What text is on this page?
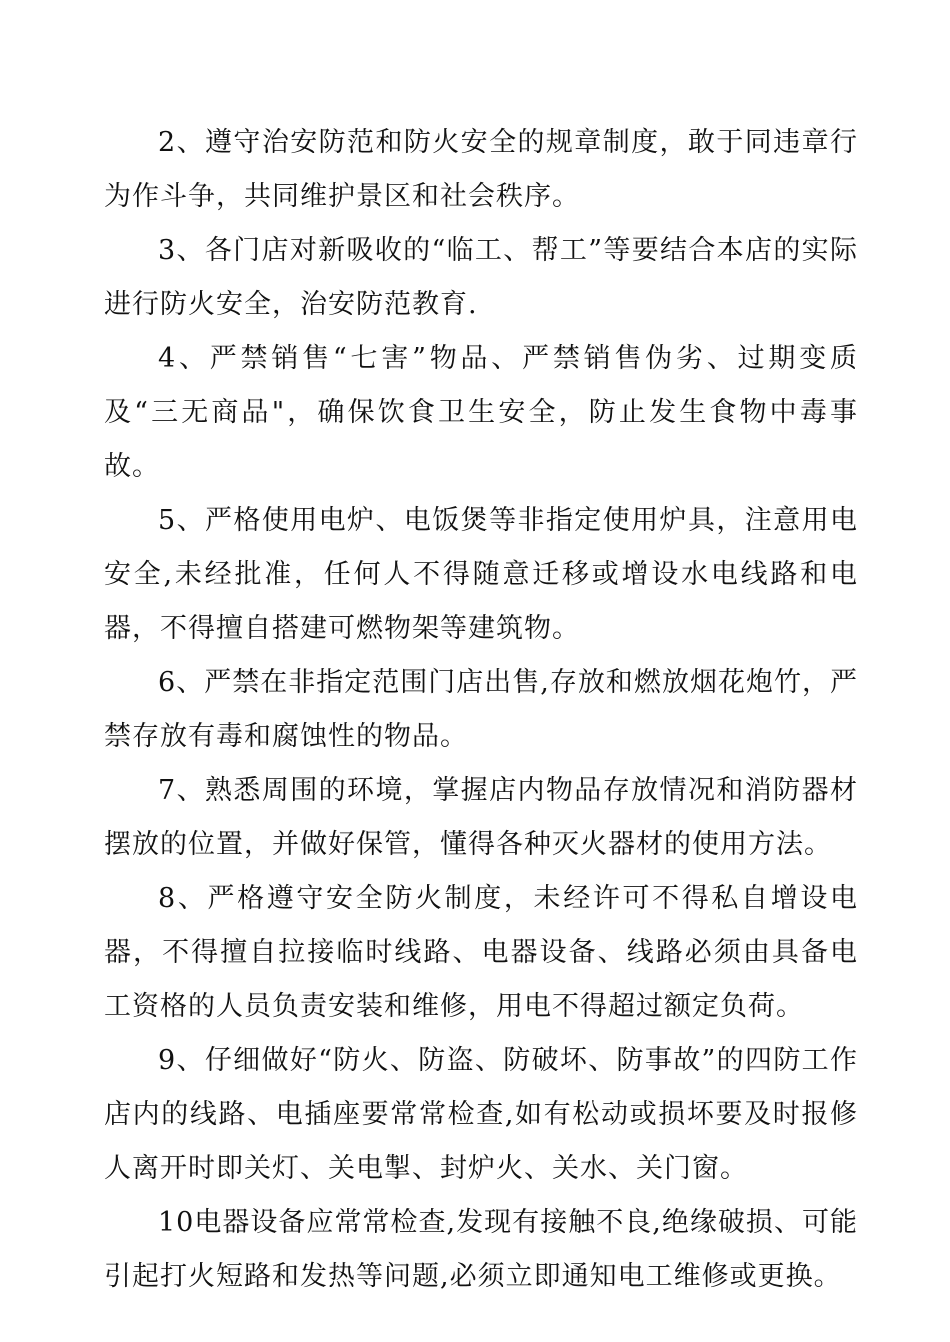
2、遵守治安防范和防火安全的规章制度，敢于同违章行为作斗争，共同维护景区和社会秩序。

3、各门店对新吸收的“临工、帮工”等要结合本店的实际进行防火安全，治安防范教育.

4、严禁销售“七害”物品、严禁销售伪劣、过期变质及“三无商品"，确保饮食卫生安全，防止发生食物中毒事故。

5、严格使用电炉、电饭煲等非指定使用炉具，注意用电安全,未经批准，任何人不得随意迁移或增设水电线路和电器，不得擅自搭建可燃物架等建筑物。

6、严禁在非指定范围门店出售,存放和燃放烟花炮竹，严禁存放有毒和腐蚀性的物品。

7、熟悉周围的环境，掌握店内物品存放情况和消防器材摆放的位置，并做好保管，懂得各种灭火器材的使用方法。

8、严格遵守安全防火制度，未经许可不得私自增设电器，不得擅自拉接临时线路、电器设备、线路必须由具备电工资格的人员负责安装和维修，用电不得超过额定负荷。

9、仔细做好“防火、防盗、防破坏、防事故”的四防工作店内的线路、电插座要常常检查,如有松动或损坏要及时报修人离开时即关灯、关电掣、封炉火、关水、关门窗。

10电器设备应常常检查,发现有接触不良,绝缘破损、可能引起打火短路和发热等问题,必须立即通知电工维修或更换。
